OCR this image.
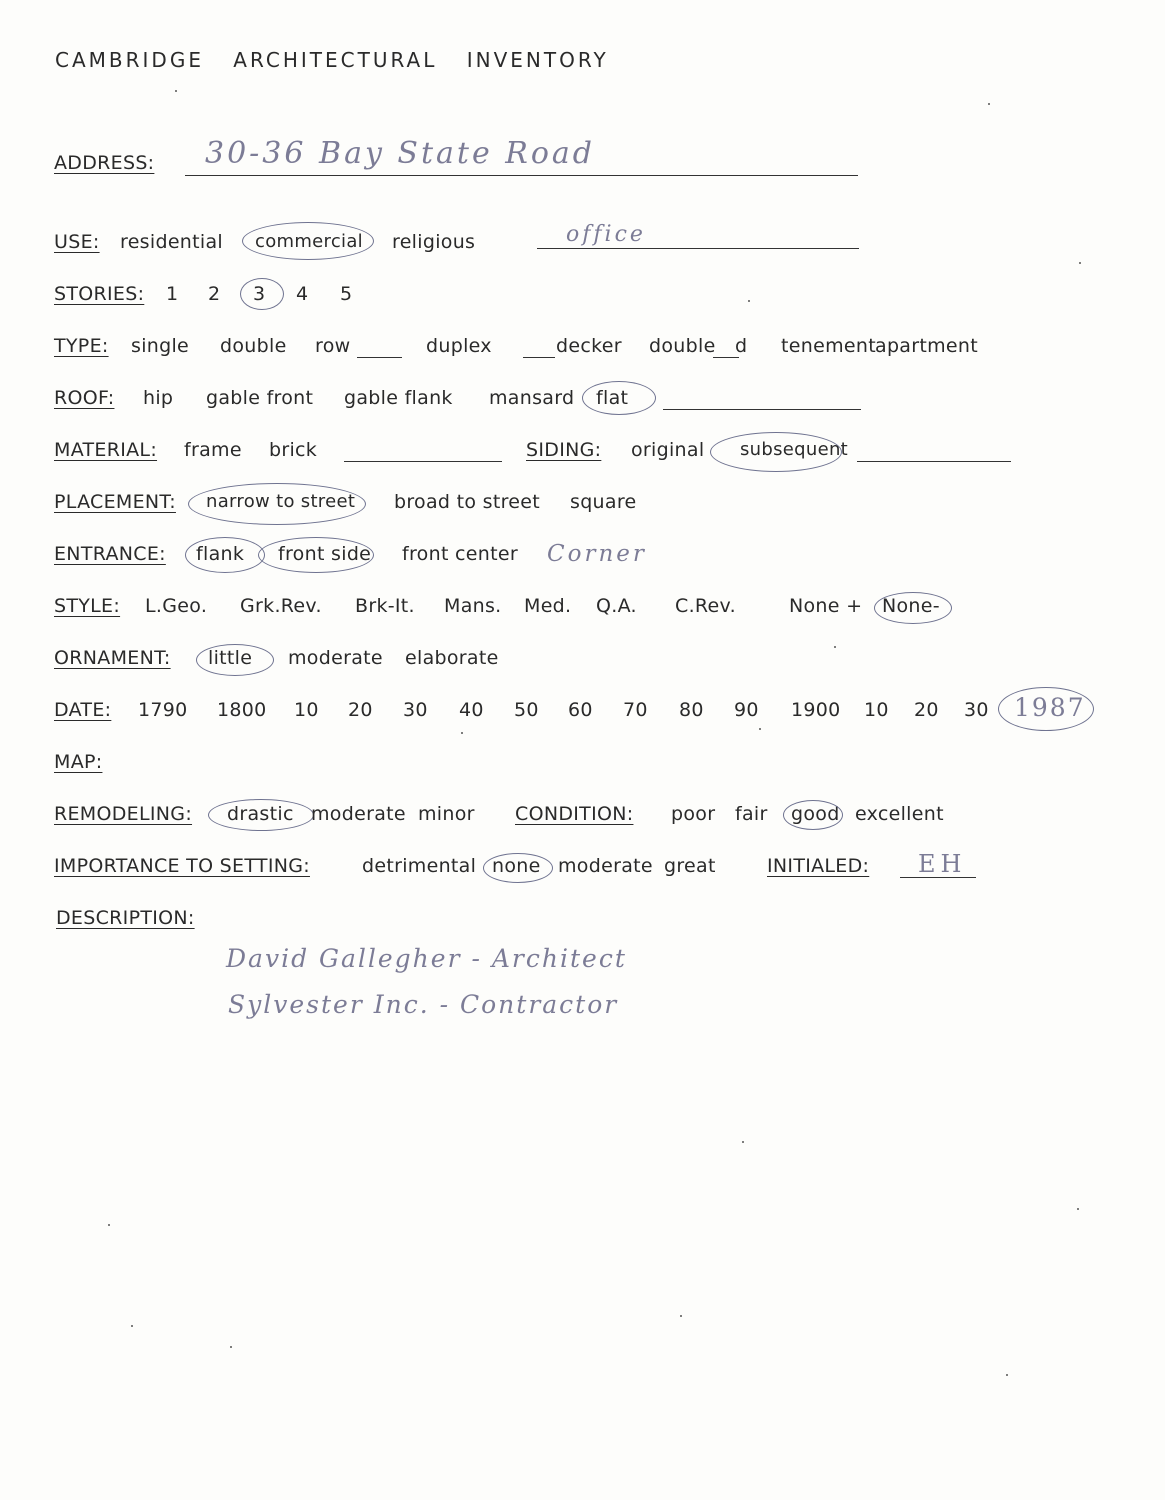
CAMBRIDGE ARCHITECTURAL INVENTORY
ADDRESS: 30-36 Bay State Road
USE: residential commercial religious	office
STORIES: 1 2 3 4 5
TYPE: single double row	duplex	decker double d tenement apartment
ROOF: hip gable front gable flank mansard flat
MATERIAL: frame brick	SIDING: original subsequent
PLACEMENT: narrow to street broad to street square
ENTRANCE: flank front side front center Corner
STYLE: L.Geo. Grk.Rev. Brk-It. Mans. Med. Q.A. C.Rev.	None + None-
ORNAMENT: little moderate elaborate
DATE: 1790 1800 10 20 30 40 50 60 70 80 90 1900 10 20 30 1987
MAP:
REMODELING: drastic moderate minor CONDITION: poor fair good excellent
IMPORTANCE TO SETTING:	detrimental none moderate great	INITIALED: EH
DESCRIPTION:
David Gallegher - Architect
Sylvester Inc. - Contractor
